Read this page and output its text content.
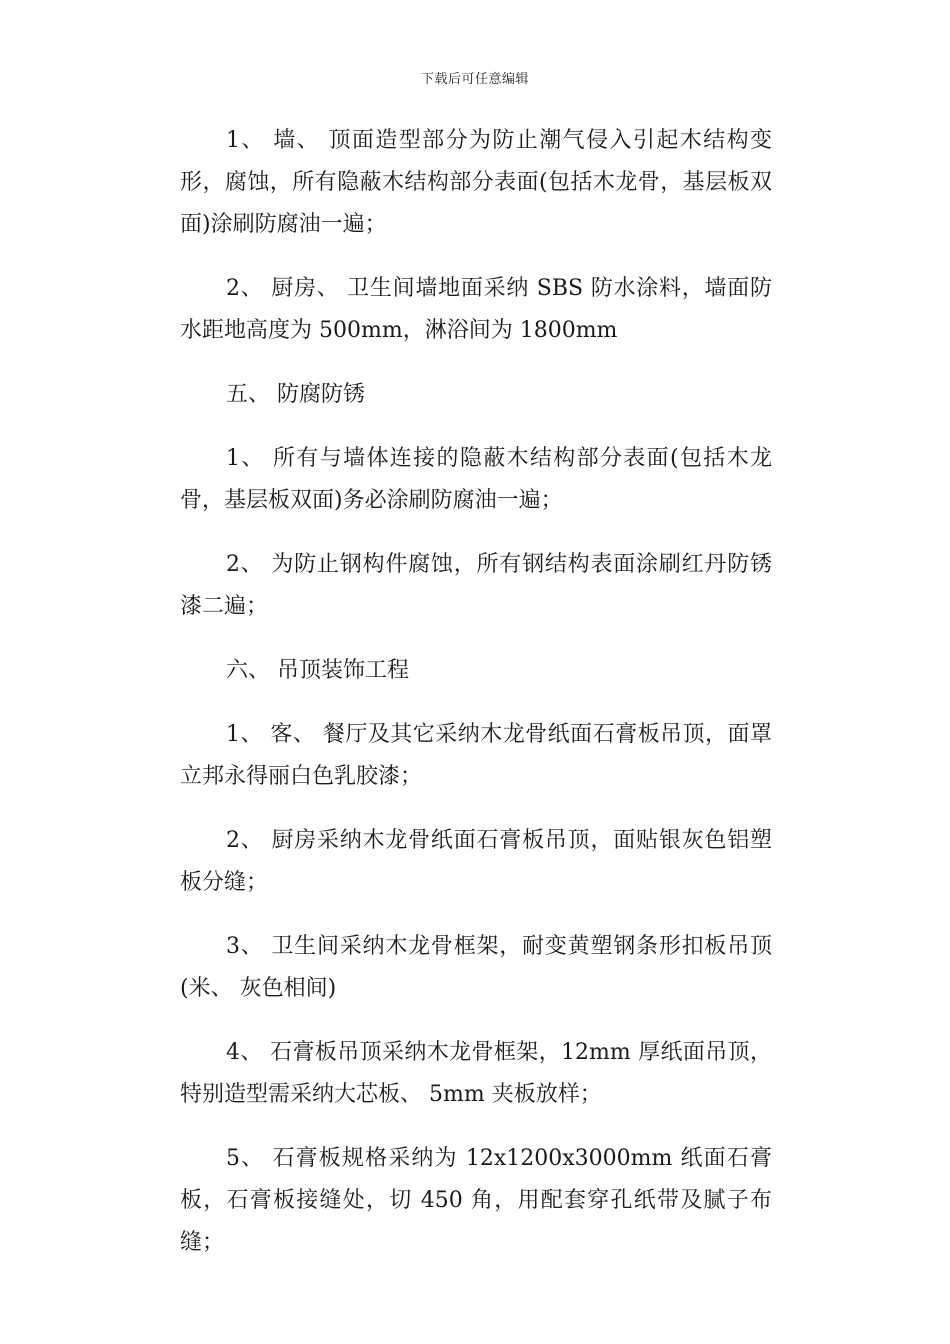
下载后可任意编辑

1、 墙、 顶面造型部分为防止潮气侵入引起木结构变形，腐蚀，所有隐蔽木结构部分表面(包括木龙骨，基层板双面)涂刷防腐油一遍；

2、 厨房、 卫生间墙地面采纳 SBS 防水涂料，墙面防水距地高度为 500mm，淋浴间为 1800mm

五、 防腐防锈

1、 所有与墙体连接的隐蔽木结构部分表面(包括木龙骨，基层板双面)务必涂刷防腐油一遍；

2、 为防止钢构件腐蚀，所有钢结构表面涂刷红丹防锈漆二遍；

六、 吊顶装饰工程

1、 客、 餐厅及其它采纳木龙骨纸面石膏板吊顶，面罩立邦永得丽白色乳胶漆；

2、 厨房采纳木龙骨纸面石膏板吊顶，面贴银灰色铝塑板分缝；

3、 卫生间采纳木龙骨框架，耐变黄塑钢条形扣板吊顶(米、 灰色相间)

4、 石膏板吊顶采纳木龙骨框架，12mm 厚纸面吊顶，特别造型需采纳大芯板、 5mm 夹板放样；

5、 石膏板规格采纳为 12x1200x3000mm 纸面石膏板，石膏板接缝处，切 450 角，用配套穿孔纸带及腻子布缝；
